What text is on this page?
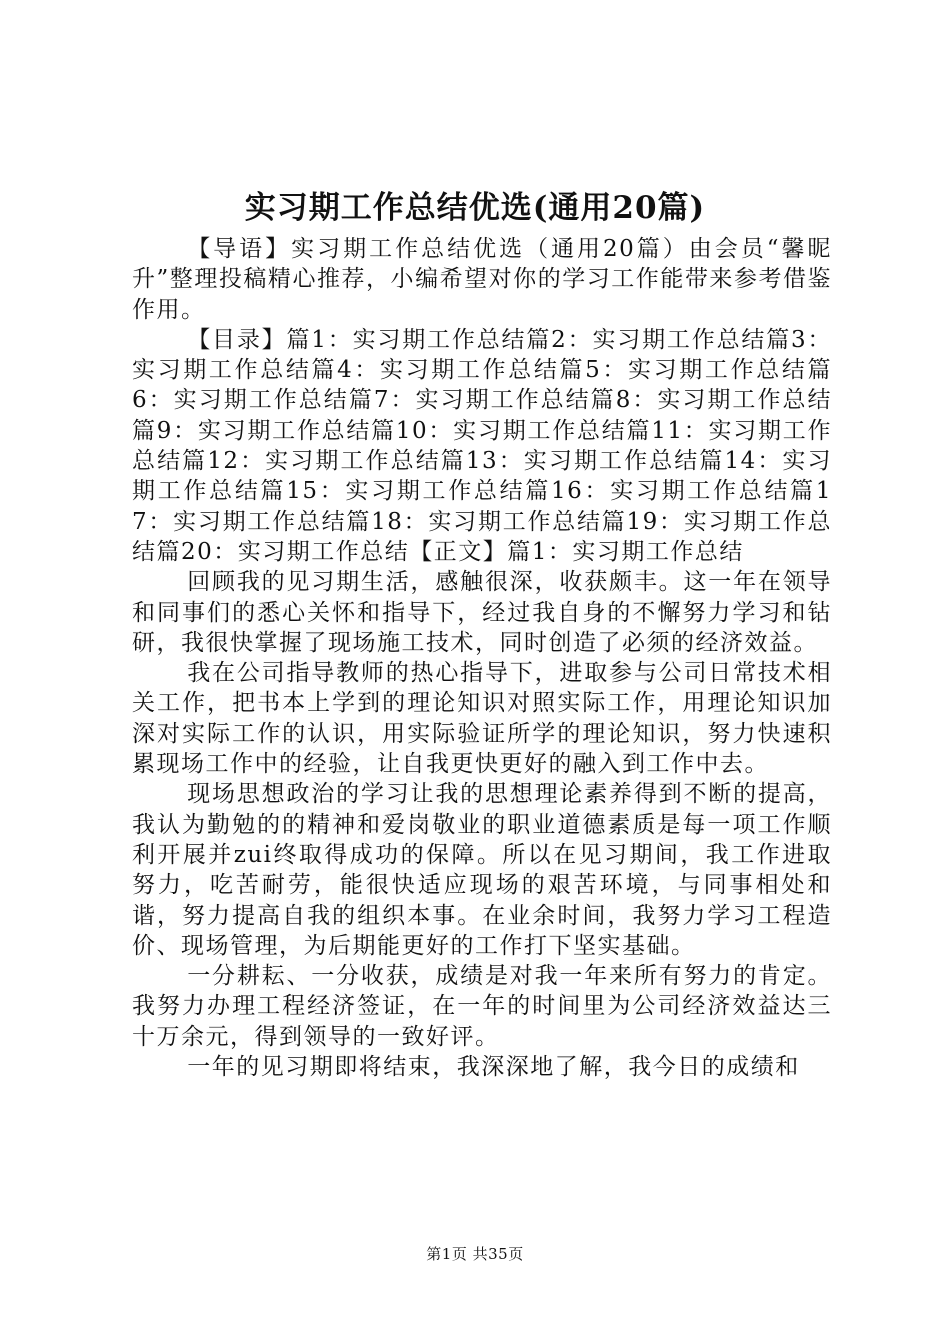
实习期工作总结优选(通用20篇)

【导语】实习期工作总结优选（通用20篇）由会员“馨昵升”整理投稿精心推荐，小编希望对你的学习工作能带来参考借鉴作用。

【目录】篇1：实习期工作总结篇2：实习期工作总结篇3：实习期工作总结篇4：实习期工作总结篇5：实习期工作总结篇6：实习期工作总结篇7：实习期工作总结篇8：实习期工作总结篇9：实习期工作总结篇10：实习期工作总结篇11：实习期工作总结篇12：实习期工作总结篇13：实习期工作总结篇14：实习期工作总结篇15：实习期工作总结篇16：实习期工作总结篇17：实习期工作总结篇18：实习期工作总结篇19：实习期工作总结篇20：实习期工作总结【正文】篇1：实习期工作总结

回顾我的见习期生活，感触很深，收获颇丰。这一年在领导和同事们的悉心关怀和指导下，经过我自身的不懈努力学习和钻研，我很快掌握了现场施工技术，同时创造了必须的经济效益。

我在公司指导教师的热心指导下，进取参与公司日常技术相关工作，把书本上学到的理论知识对照实际工作，用理论知识加深对实际工作的认识，用实际验证所学的理论知识，努力快速积累现场工作中的经验，让自我更快更好的融入到工作中去。

现场思想政治的学习让我的思想理论素养得到不断的提高，我认为勤勉的的精神和爱岗敬业的职业道德素质是每一项工作顺利开展并zui终取得成功的保障。所以在见习期间，我工作进取努力，吃苦耐劳，能很快适应现场的艰苦环境，与同事相处和谐，努力提高自我的组织本事。在业余时间，我努力学习工程造价、现场管理，为后期能更好的工作打下坚实基础。

一分耕耘、一分收获，成绩是对我一年来所有努力的肯定。我努力办理工程经济签证，在一年的时间里为公司经济效益达三十万余元，得到领导的一致好评。

一年的见习期即将结束，我深深地了解，我今日的成绩和

第1页 共35页
